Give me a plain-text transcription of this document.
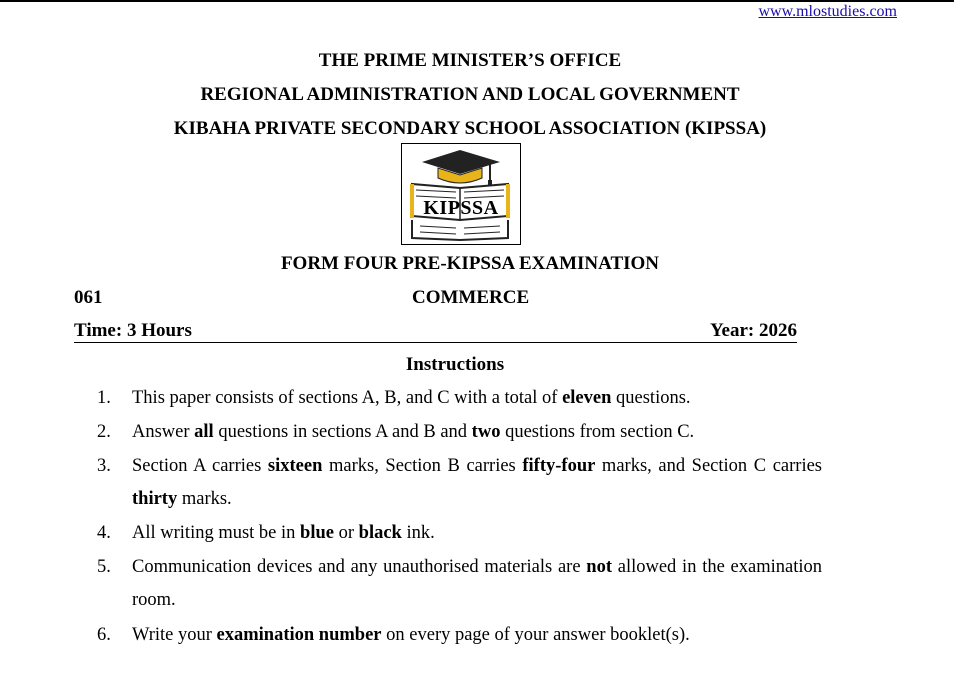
www.mlostudies.com
THE PRIME MINISTER’S OFFICE
REGIONAL ADMINISTRATION AND LOCAL GOVERNMENT
KIBAHA PRIVATE SECONDARY SCHOOL ASSOCIATION (KIPSSA)
KIPSSA
FORM FOUR PRE-KIPSSA EXAMINATION
061	COMMERCE
Time: 3 Hours	Year: 2026
Instructions
1.	This paper consists of sections A, B, and C with a total of eleven questions.
2.	Answer all questions in sections A and B and two questions from section C.
3.	Section A carries sixteen marks, Section B carries fifty-four marks, and Section C carries thirty marks.
4.	All writing must be in blue or black ink.
5.	Communication devices and any unauthorised materials are not allowed in the examination room.
6.	Write your examination number on every page of your answer booklet(s).
